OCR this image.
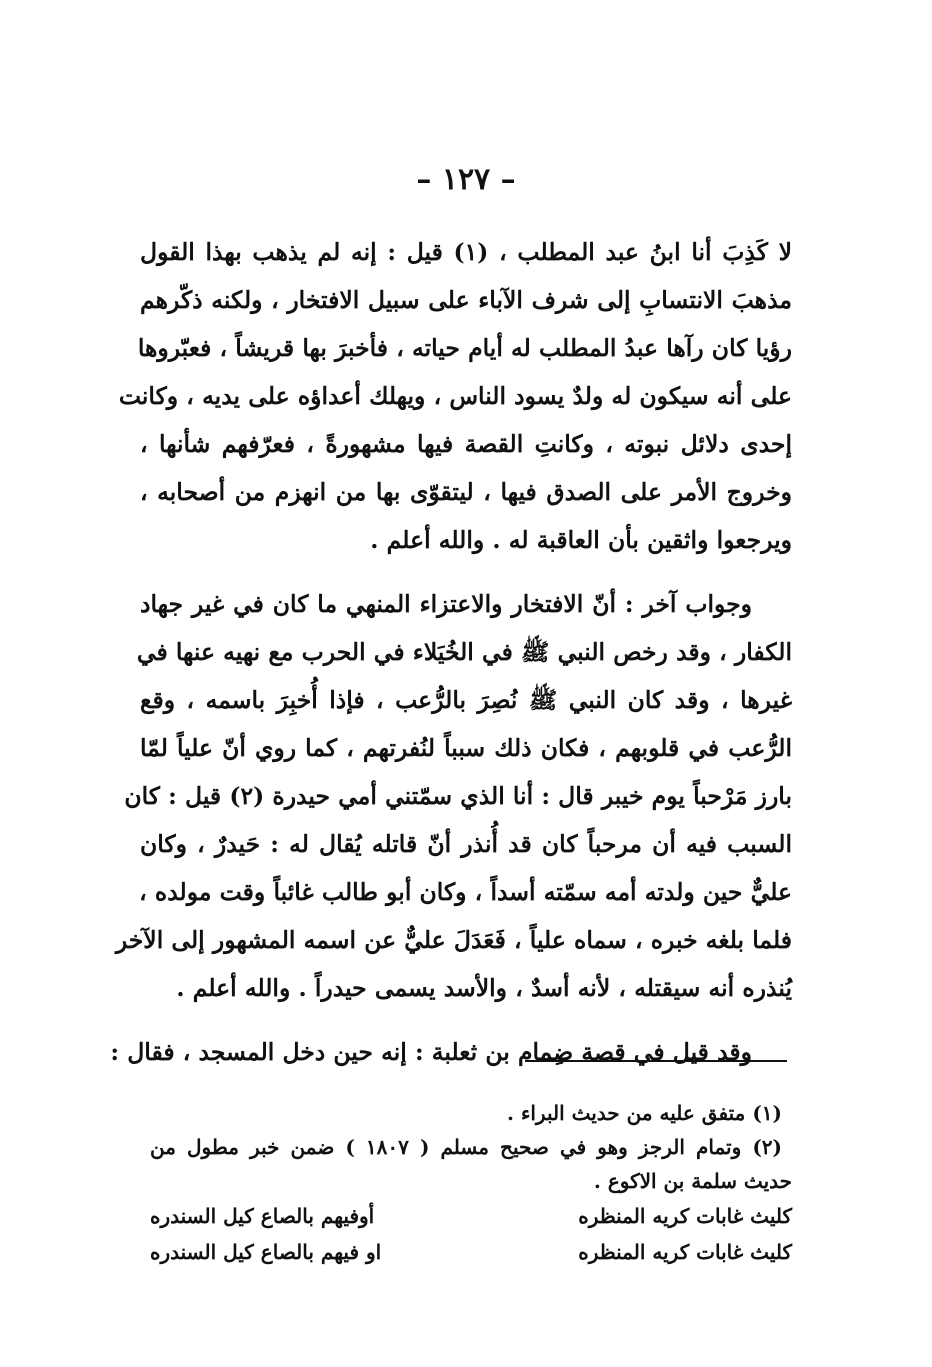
– ١٢٧ –
لا كَذِبَ أنا ابنُ عبد المطلب ، (١) قيل : إنه لم يذهب بهذا القول
مذهبَ الانتسابِ إلى شرف الآباء على سبيل الافتخار ، ولكنه ذكّرهم
رؤيا كان رآها عبدُ المطلب له أيام حياته ، فأخبرَ بها قريشاً ، فعبّروها
على أنه سيكون له ولدٌ يسود الناس ، ويهلك أعداؤه على يديه ، وكانت
إحدى دلائل نبوته ، وكانتِ القصة فيها مشهورةً ، فعرّفهم شأنها ،
وخروج الأمر على الصدق فيها ، ليتقوّى بها من انهزم من أصحابه ،
ويرجعوا واثقين بأن العاقبة له . والله أعلم .
وجواب آخر : أنّ الافتخار والاعتزاء المنهي ما كان في غير جهاد
الكفار ، وقد رخص النبي ﷺ في الخُيَلاء في الحرب مع نهيه عنها في
غيرها ، وقد كان النبي ﷺ نُصِرَ بالرُّعب ، فإذا أُخبِرَ باسمه ، وقع
الرُّعب في قلوبهم ، فكان ذلك سبباً لنُفرتهم ، كما روي أنّ علياً لمّا
بارز مَرْحباً يوم خيبر قال : أنا الذي سمّتني أمي حيدرة (٢) قيل : كان
السبب فيه أن مرحباً كان قد أُنذر أنّ قاتله يُقال له : حَيدرٌ ، وكان
عليٌّ حين ولدته أمه سمّته أسداً ، وكان أبو طالب غائباً وقت مولده ،
فلما بلغه خبره ، سماه علياً ، فَعَدَلَ عليٌّ عن اسمه المشهور إلى الآخر
يُنذره أنه سيقتله ، لأنه أسدٌ ، والأسد يسمى حيدراً . والله أعلم .
وقد قيل في قصة ضِمام بن ثعلبة : إنه حين دخل المسجد ، فقال :
(١) متفق عليه من حديث البراء .
(٢) وتمام الرجز وهو في صحيح مسلم ( ١٨٠٧ ) ضمن خبر مطول من
حديث سلمة بن الاكوع .
كليث غابات كريه المنظره
أوفيهم بالصاع كيل السندره
كليث غابات كريه المنظره
او فيهم بالصاع كيل السندره
